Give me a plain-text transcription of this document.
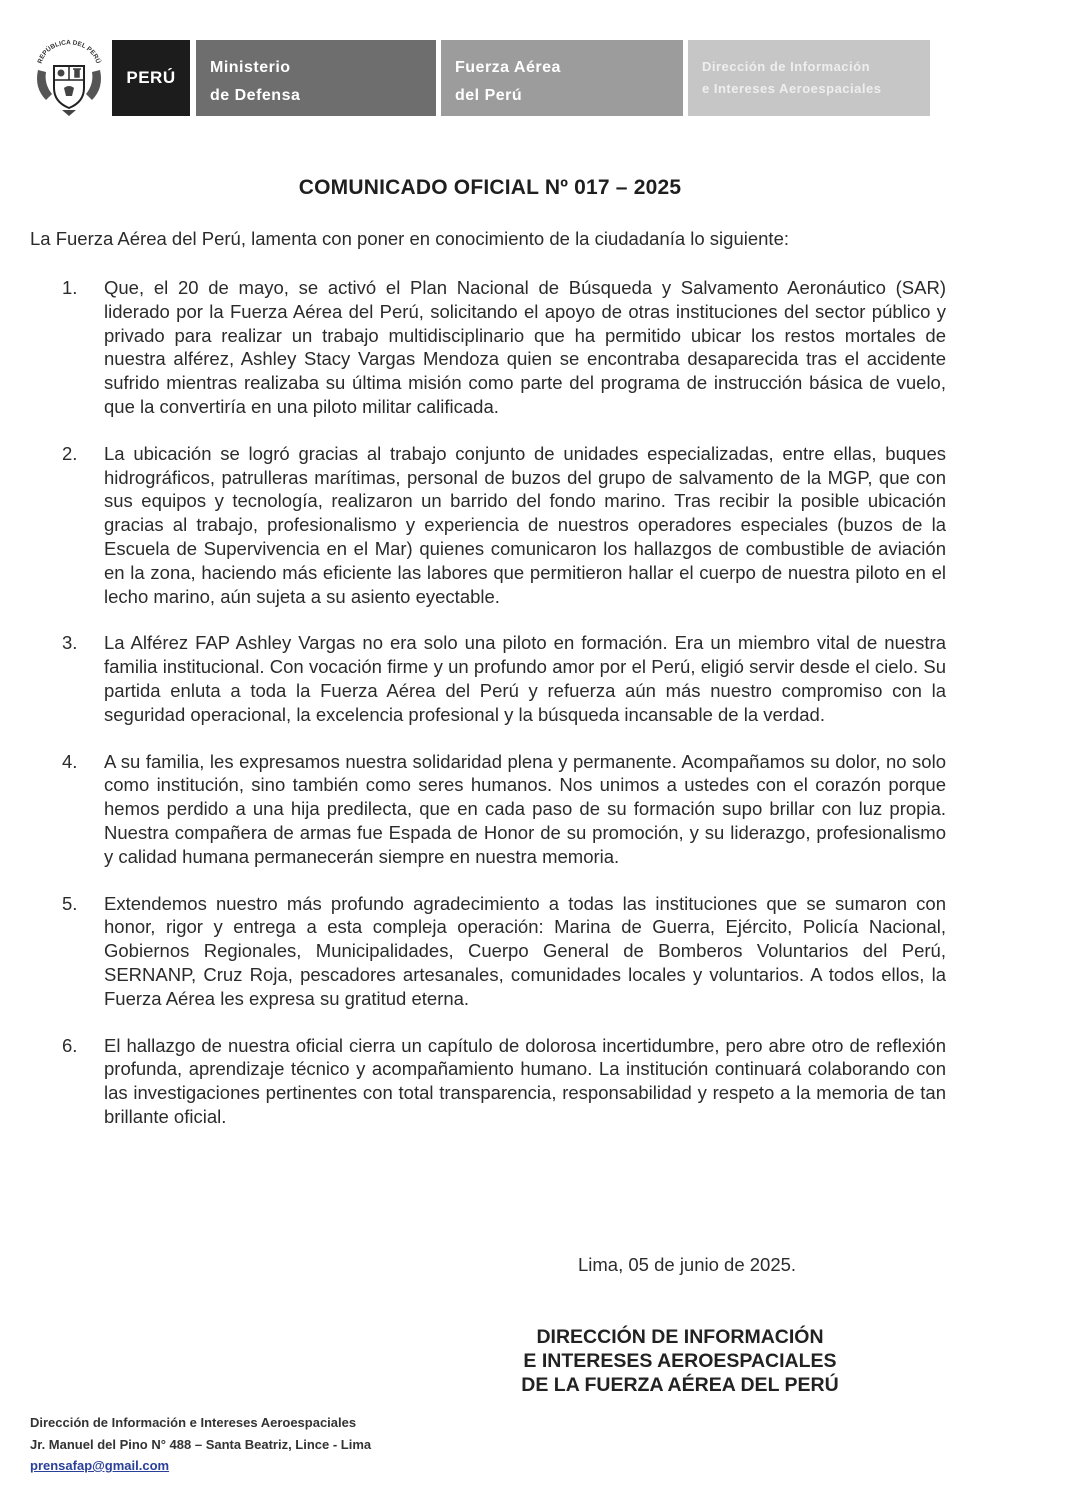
REPÚBLICA DEL PERÚ
PERÚ
Ministerio
de Defensa
Fuerza Aérea
del Perú
Dirección de Información
e Intereses Aeroespaciales
COMUNICADO OFICIAL Nº 017 – 2025
La Fuerza Aérea del Perú, lamenta con poner en conocimiento de la ciudadanía lo siguiente:
1.	Que, el 20 de mayo, se activó el Plan Nacional de Búsqueda y Salvamento Aeronáutico (SAR) liderado por la Fuerza Aérea del Perú, solicitando el apoyo de otras instituciones del sector público y privado para realizar un trabajo multidisciplinario que ha permitido ubicar los restos mortales de nuestra alférez, Ashley Stacy Vargas Mendoza quien se encontraba desaparecida tras el accidente sufrido mientras realizaba su última misión como parte del programa de instrucción básica de vuelo, que la convertiría en una piloto militar calificada.
2.	La ubicación se logró gracias al trabajo conjunto de unidades especializadas, entre ellas, buques hidrográficos, patrulleras marítimas, personal de buzos del grupo de salvamento de la MGP, que con sus equipos y tecnología, realizaron un barrido del fondo marino. Tras recibir la posible ubicación gracias al trabajo, profesionalismo y experiencia de nuestros operadores especiales (buzos de la Escuela de Supervivencia en el Mar) quienes comunicaron los hallazgos de combustible de aviación en la zona, haciendo más eficiente las labores que permitieron hallar el cuerpo de nuestra piloto en el lecho marino, aún sujeta a su asiento eyectable.
3.	La Alférez FAP Ashley Vargas no era solo una piloto en formación. Era un miembro vital de nuestra familia institucional. Con vocación firme y un profundo amor por el Perú, eligió servir desde el cielo. Su partida enluta a toda la Fuerza Aérea del Perú y refuerza aún más nuestro compromiso con la seguridad operacional, la excelencia profesional y la búsqueda incansable de la verdad.
4.	A su familia, les expresamos nuestra solidaridad plena y permanente. Acompañamos su dolor, no solo como institución, sino también como seres humanos. Nos unimos a ustedes con el corazón porque hemos perdido a una hija predilecta, que en cada paso de su formación supo brillar con luz propia. Nuestra compañera de armas fue Espada de Honor de su promoción, y su liderazgo, profesionalismo y calidad humana permanecerán siempre en nuestra memoria.
5.	Extendemos nuestro más profundo agradecimiento a todas las instituciones que se sumaron con honor, rigor y entrega a esta compleja operación: Marina de Guerra, Ejército, Policía Nacional, Gobiernos Regionales, Municipalidades, Cuerpo General de Bomberos Voluntarios del Perú, SERNANP, Cruz Roja, pescadores artesanales, comunidades locales y voluntarios. A todos ellos, la Fuerza Aérea les expresa su gratitud eterna.
6.	El hallazgo de nuestra oficial cierra un capítulo de dolorosa incertidumbre, pero abre otro de reflexión profunda, aprendizaje técnico y acompañamiento humano. La institución continuará colaborando con las investigaciones pertinentes con total transparencia, responsabilidad y respeto a la memoria de tan brillante oficial.
Lima, 05 de junio de 2025.
DIRECCIÓN DE INFORMACIÓN
E INTERESES AEROESPACIALES
DE LA FUERZA AÉREA DEL PERÚ
Dirección de Información e Intereses Aeroespaciales
Jr. Manuel del Pino N° 488 – Santa Beatriz, Lince - Lima
prensafap@gmail.com
